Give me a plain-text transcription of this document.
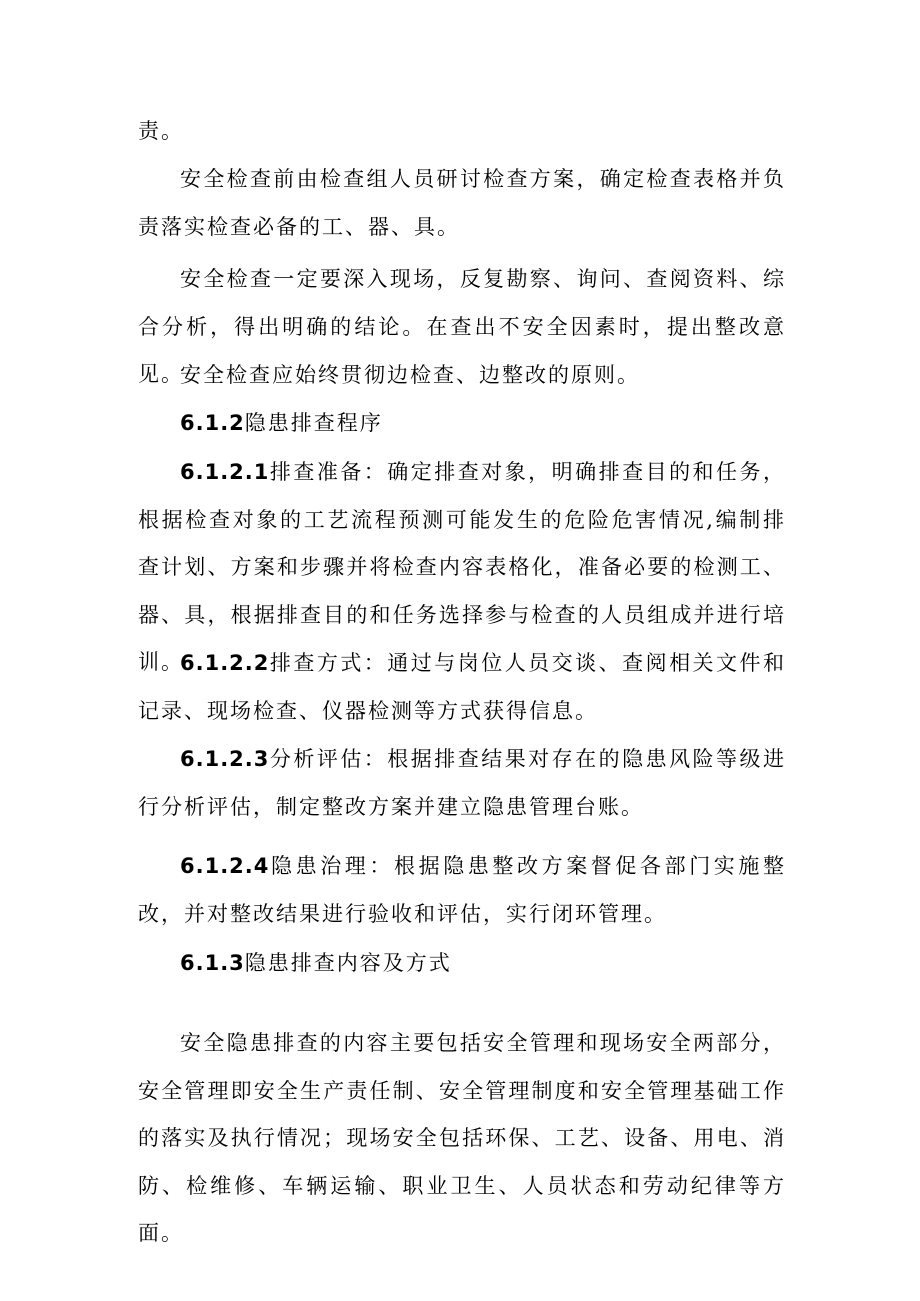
责。

安全检查前由检查组人员研讨检查方案，确定检查表格并负责落实检查必备的工、器、具。

安全检查一定要深入现场，反复勘察、询问、查阅资料、综合分析，得出明确的结论。在查出不安全因素时，提出整改意见。

安全检查应始终贯彻边检查、边整改的原则。

6.1.2隐患排查程序

6.1.2.1排查准备：确定排查对象，明确排查目的和任务，根据检查对象的工艺流程预测可能发生的危险危害情况,编制排查计划、方案和步骤并将检查内容表格化，准备必要的检测工、器、具，根据排查目的和任务选择参与检查的人员组成并进行培训。

6.1.2.2排查方式：通过与岗位人员交谈、查阅相关文件和记录、现场检查、仪器检测等方式获得信息。

6.1.2.3分析评估：根据排查结果对存在的隐患风险等级进行分析评估，制定整改方案并建立隐患管理台账。

6.1.2.4隐患治理：根据隐患整改方案督促各部门实施整改，并对整改结果进行验收和评估，实行闭环管理。

6.1.3隐患排查内容及方式

安全隐患排查的内容主要包括安全管理和现场安全两部分，安全管理即安全生产责任制、安全管理制度和安全管理基础工作的落实及执行情况；现场安全包括环保、工艺、设备、用电、消防、检维修、车辆运输、职业卫生、人员状态和劳动纪律等方面。
